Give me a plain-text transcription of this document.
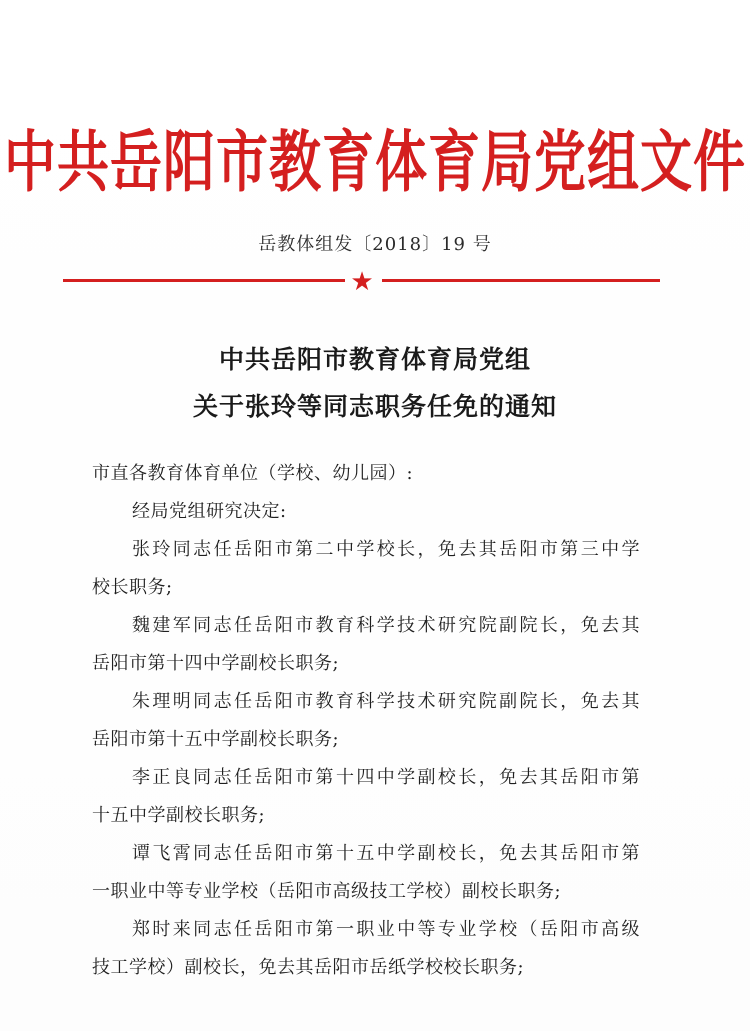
中共岳阳市教育体育局党组文件
岳教体组发〔2018〕19 号
★
中共岳阳市教育体育局党组
关于张玲等同志职务任免的通知
市直各教育体育单位（学校、幼儿园）:
经局党组研究决定:
张玲同志任岳阳市第二中学校长，免去其岳阳市第三中学
校长职务;
魏建军同志任岳阳市教育科学技术研究院副院长，免去其
岳阳市第十四中学副校长职务;
朱理明同志任岳阳市教育科学技术研究院副院长，免去其
岳阳市第十五中学副校长职务;
李正良同志任岳阳市第十四中学副校长，免去其岳阳市第
十五中学副校长职务;
谭飞霄同志任岳阳市第十五中学副校长，免去其岳阳市第
一职业中等专业学校（岳阳市高级技工学校）副校长职务;
郑时来同志任岳阳市第一职业中等专业学校（岳阳市高级
技工学校）副校长，免去其岳阳市岳纸学校校长职务;
